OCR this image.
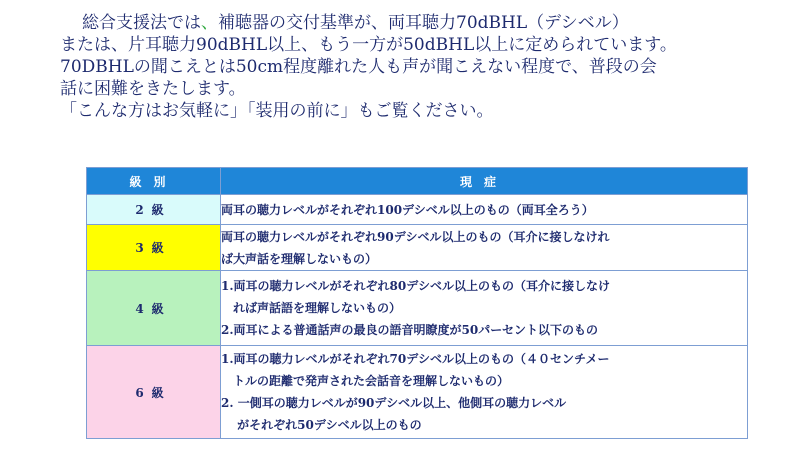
総合支援法では、補聴器の交付基準が、両耳聴力70dBHL（デシベル）
または、片耳聴力90dBHL以上、もう一方が50dBHL以上に定められています。
70DBHLの聞こえとは50cm程度離れた人も声が聞こえない程度で、普段の会
話に困難をきたします。
「こんな方はお気軽に」「装用の前に」もご覧ください。
級別	現症
2級	両耳の聴力レベルがそれぞれ100デシベル以上のもの（両耳全ろう）

3級	両耳の聴力レベルがそれぞれ90デシベル以上のもの（耳介に接しなけれ
ば大声話を理解しないもの）

4級	1.両耳の聴力レベルがそれぞれ80デシベル以上のもの（耳介に接しなけ
　れば声話語を理解しないもの）
2.両耳による普通話声の最良の語音明瞭度が50パーセント以下のもの

6級	1.両耳の聴力レベルがそれぞれ70デシベル以上のもの（４０センチメー
　トルの距離で発声された会話音を理解しないもの）
2. 一側耳の聴力レベルが90デシベル以上、他側耳の聴力レベル
　 がそれぞれ50デシベル以上のもの
